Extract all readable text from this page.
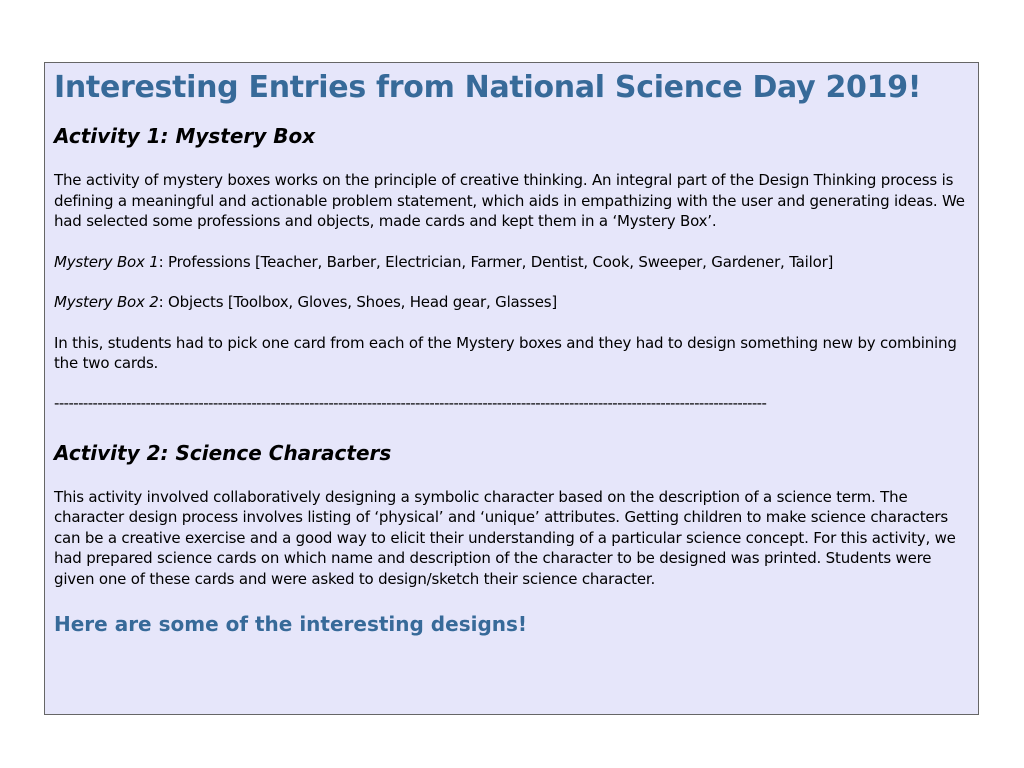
Interesting Entries from National Science Day 2019!
Activity 1: Mystery Box

The activity of mystery boxes works on the principle of creative thinking. An integral part of the Design Thinking process is defining a meaningful and actionable problem statement, which aids in empathizing with the user and generating ideas. We had selected some professions and objects, made cards and kept them in a ‘Mystery Box’.

Mystery Box 1: Professions [Teacher, Barber, Electrician, Farmer, Dentist, Cook, Sweeper, Gardener, Tailor]

Mystery Box 2: Objects [Toolbox, Gloves, Shoes, Head gear, Glasses]

In this, students had to pick one card from each of the Mystery boxes and they had to design something new by combining the two cards.

----------------------------------------------------------------------------------------------------------------------------------------------------
Activity 2: Science Characters

This activity involved collaboratively designing a symbolic character based on the description of a science term. The character design process involves listing of ‘physical’ and ‘unique’ attributes. Getting children to make science characters can be a creative exercise and a good way to elicit their understanding of a particular science concept. For this activity, we had prepared science cards on which name and description of the character to be designed was printed. Students were given one of these cards and were asked to design/sketch their science character.

Here are some of the interesting designs!
